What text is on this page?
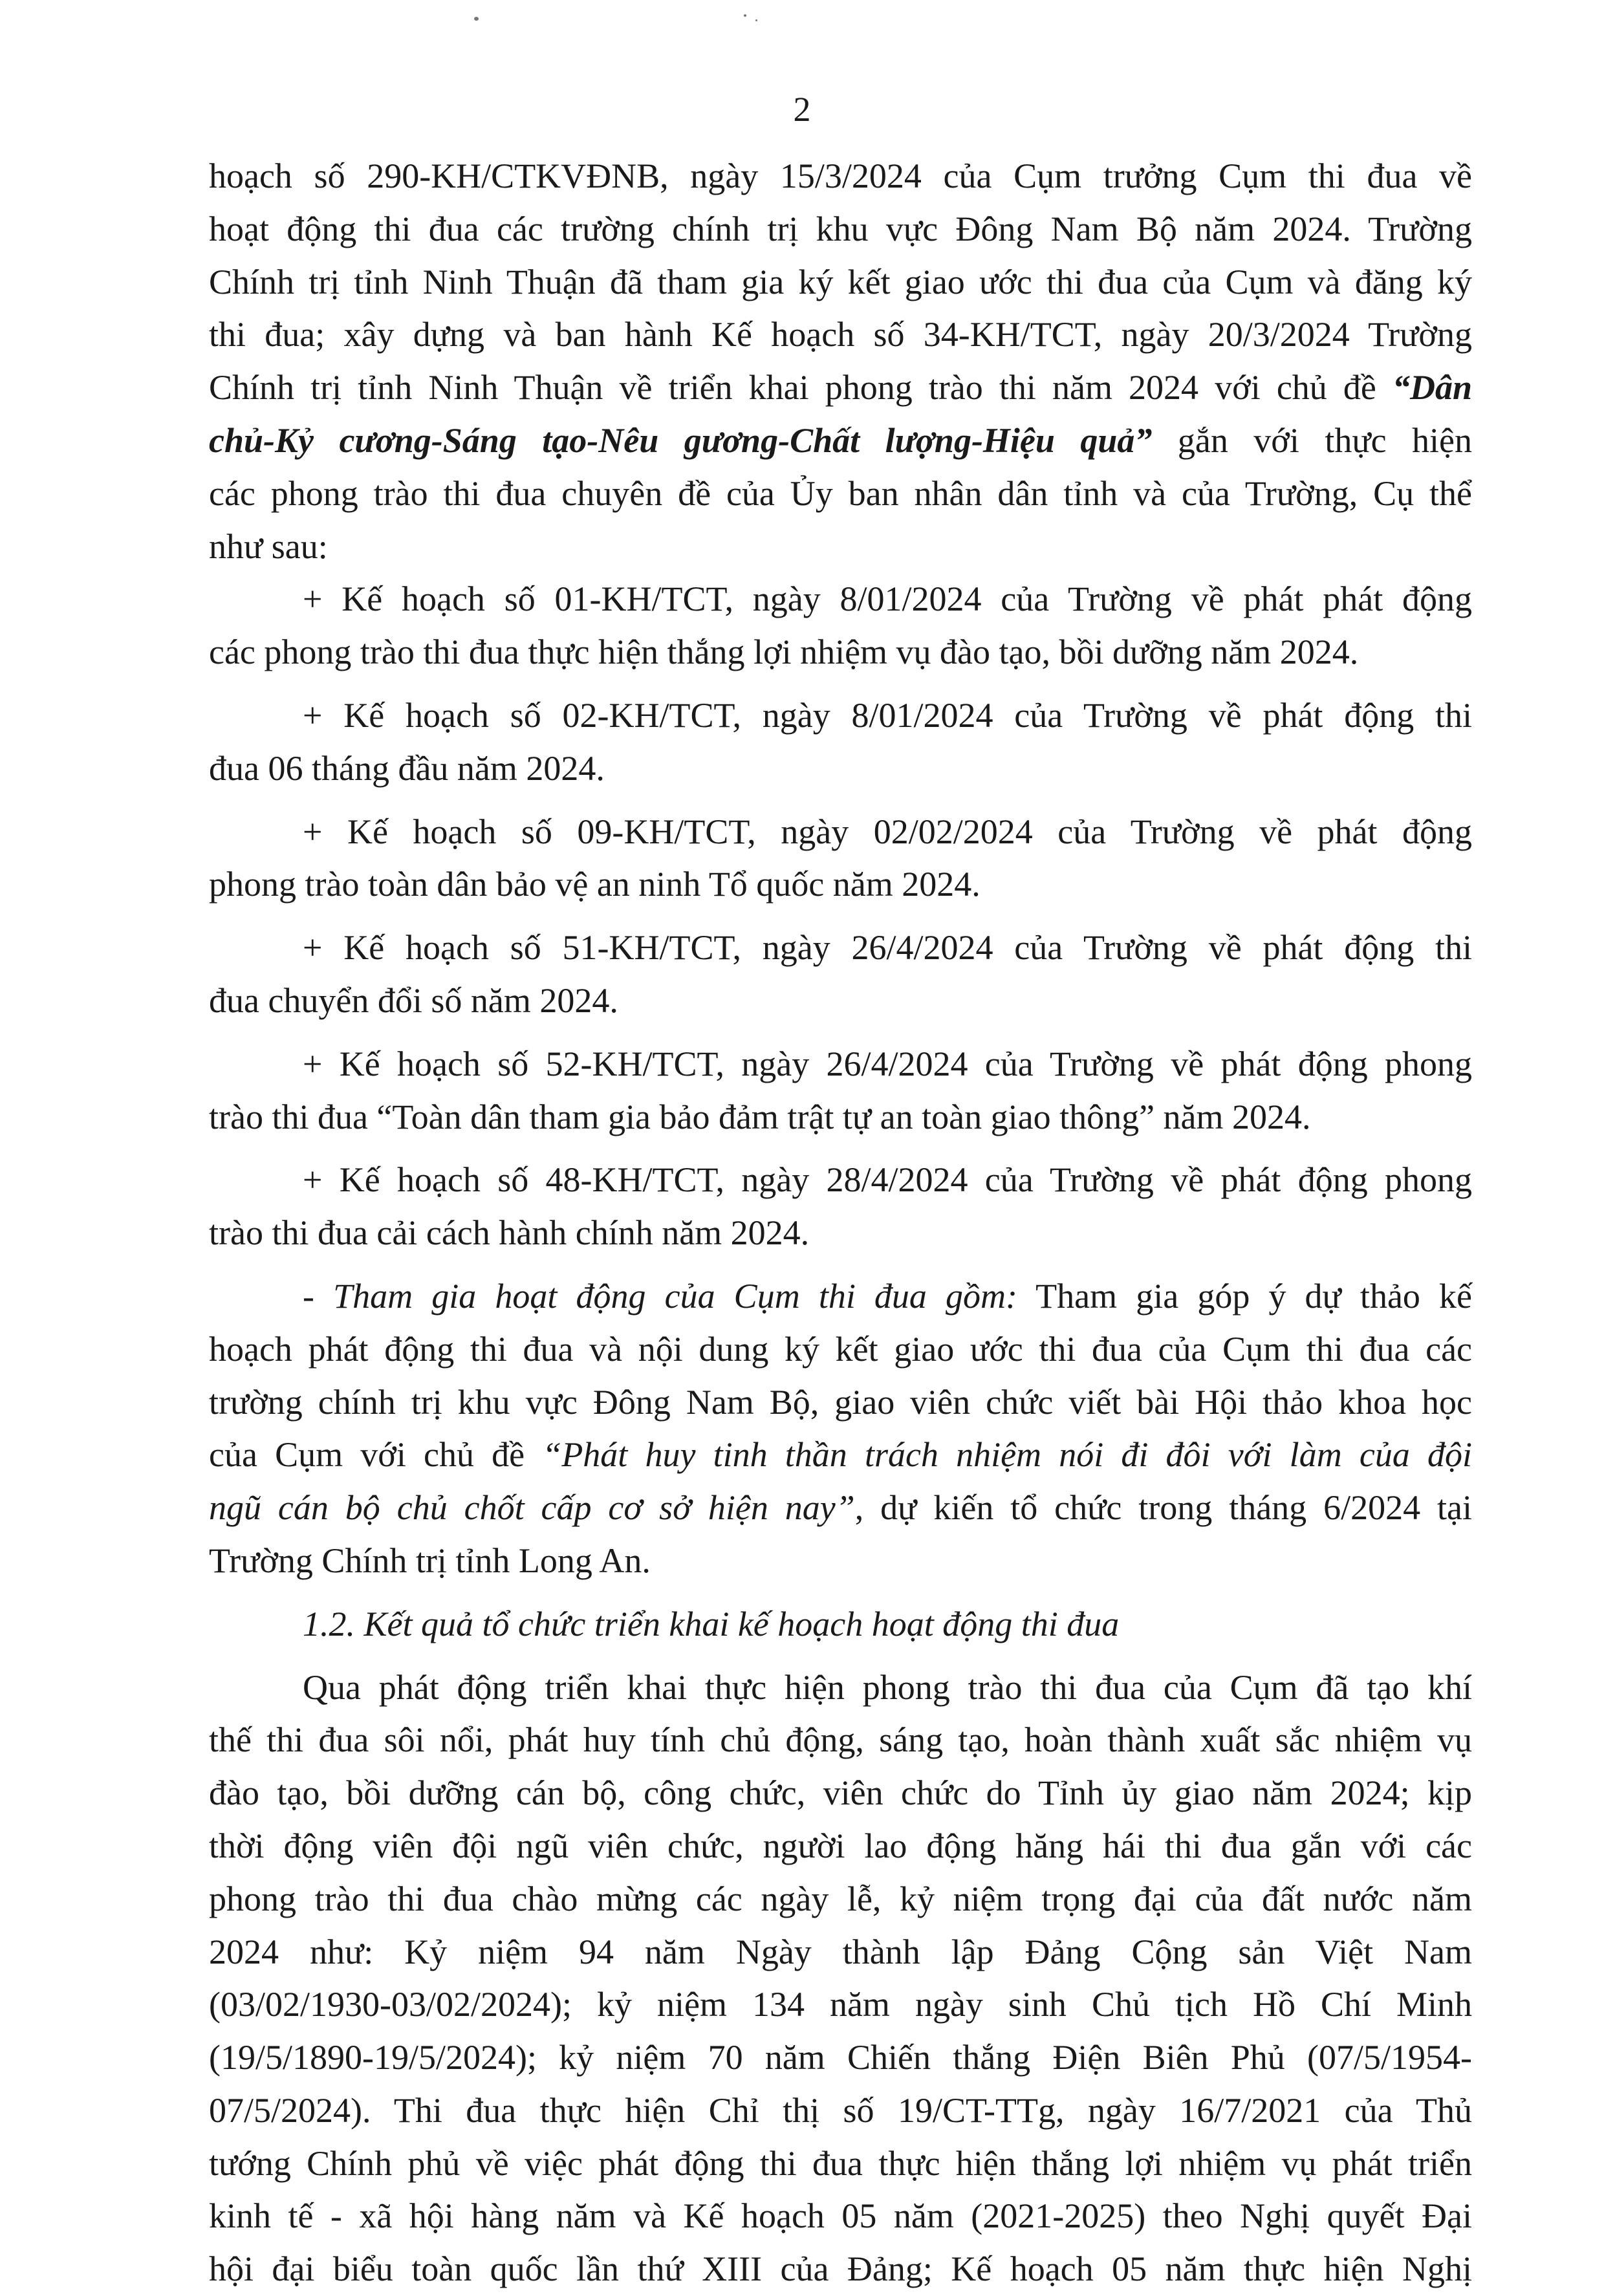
2
hoạch số 290-KH/CTKVĐNB, ngày 15/3/2024 của Cụm trưởng Cụm thi đua về
hoạt động thi đua các trường chính trị khu vực Đông Nam Bộ năm 2024. Trường
Chính trị tỉnh Ninh Thuận đã tham gia ký kết giao ước thi đua của Cụm và đăng ký
thi đua; xây dựng và ban hành Kế hoạch số 34-KH/TCT, ngày 20/3/2024 Trường
Chính trị tỉnh Ninh Thuận về triển khai phong trào thi năm 2024 với chủ đề “Dân
chủ-Kỷ cương-Sáng tạo-Nêu gương-Chất lượng-Hiệu quả” gắn với thực hiện
các phong trào thi đua chuyên đề của Ủy ban nhân dân tỉnh và của Trường, Cụ thể
như sau:
+ Kế hoạch số 01-KH/TCT, ngày 8/01/2024 của Trường về phát phát động
các phong trào thi đua thực hiện thắng lợi nhiệm vụ đào tạo, bồi dưỡng năm 2024.
+ Kế hoạch số 02-KH/TCT, ngày 8/01/2024 của Trường về phát động thi
đua 06 tháng đầu năm 2024.
+ Kế hoạch số 09-KH/TCT, ngày 02/02/2024 của Trường về phát động
phong trào toàn dân bảo vệ an ninh Tổ quốc năm 2024.
+ Kế hoạch số 51-KH/TCT, ngày 26/4/2024 của Trường về phát động thi
đua chuyển đổi số năm 2024.
+ Kế hoạch số 52-KH/TCT, ngày 26/4/2024 của Trường về phát động phong
trào thi đua “Toàn dân tham gia bảo đảm trật tự an toàn giao thông” năm 2024.
+ Kế hoạch số 48-KH/TCT, ngày 28/4/2024 của Trường về phát động phong
trào thi đua cải cách hành chính năm 2024.
- Tham gia hoạt động của Cụm thi đua gồm: Tham gia góp ý dự thảo kế
hoạch phát động thi đua và nội dung ký kết giao ước thi đua của Cụm thi đua các
trường chính trị khu vực Đông Nam Bộ, giao viên chức viết bài Hội thảo khoa học
của Cụm với chủ đề “Phát huy tinh thần trách nhiệm nói đi đôi với làm của đội
ngũ cán bộ chủ chốt cấp cơ sở hiện nay”, dự kiến tổ chức trong tháng 6/2024 tại
Trường Chính trị tỉnh Long An.
1.2. Kết quả tổ chức triển khai kế hoạch hoạt động thi đua
Qua phát động triển khai thực hiện phong trào thi đua của Cụm đã tạo khí
thế thi đua sôi nổi, phát huy tính chủ động, sáng tạo, hoàn thành xuất sắc nhiệm vụ
đào tạo, bồi dưỡng cán bộ, công chức, viên chức do Tỉnh ủy giao năm 2024; kịp
thời động viên đội ngũ viên chức, người lao động hăng hái thi đua gắn với các
phong trào thi đua chào mừng các ngày lễ, kỷ niệm trọng đại của đất nước năm
2024 như: Kỷ niệm 94 năm Ngày thành lập Đảng Cộng sản Việt Nam
(03/02/1930-03/02/2024); kỷ niệm 134 năm ngày sinh Chủ tịch Hồ Chí Minh
(19/5/1890-19/5/2024); kỷ niệm 70 năm Chiến thắng Điện Biên Phủ (07/5/1954-
07/5/2024). Thi đua thực hiện Chỉ thị số 19/CT-TTg, ngày 16/7/2021 của Thủ
tướng Chính phủ về việc phát động thi đua thực hiện thắng lợi nhiệm vụ phát triển
kinh tế - xã hội hàng năm và Kế hoạch 05 năm (2021-2025) theo Nghị quyết Đại
hội đại biểu toàn quốc lần thứ XIII của Đảng; Kế hoạch 05 năm thực hiện Nghị
